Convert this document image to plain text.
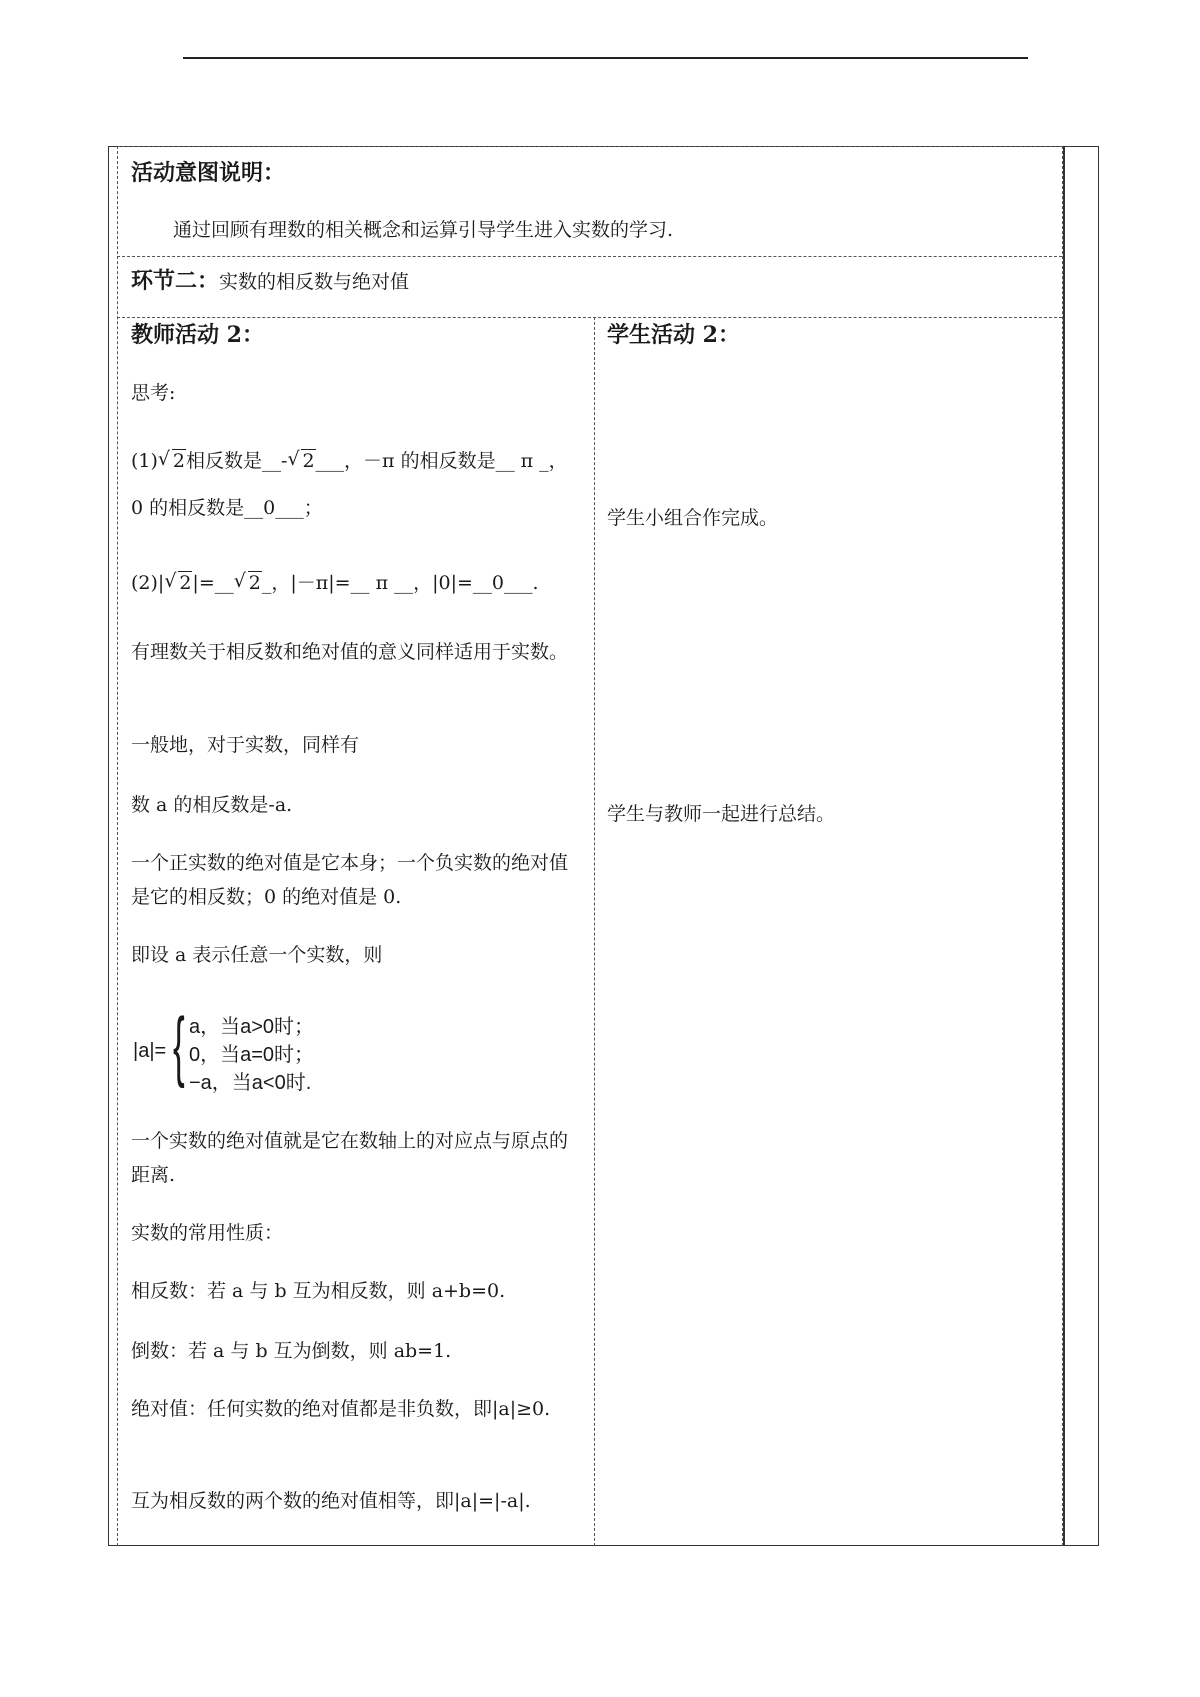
活动意图说明：
通过回顾有理数的相关概念和运算引导学生进入实数的学习.
环节二：实数的相反数与绝对值
教师活动 2：
思考:
(1) √ 2相反数是__- √ 2___，－π 的相反数是__ π _，
0 的相反数是__0___；
(2)| √ 2|=__ √ 2_，|－π|=__ π __，|0|=__0___.
有理数关于相反数和绝对值的意义同样适用于实数。
一般地，对于实数，同样有
数 a 的相反数是-a.
一个正实数的绝对值是它本身；一个负实数的绝对值是它的相反数；0 的绝对值是 0.
即设 a 表示任意一个实数，则
|a|= { a，当a>0时；
0，当a=0时；
−a，当a<0时.
一个实数的绝对值就是它在数轴上的对应点与原点的距离.
实数的常用性质：
相反数：若 a 与 b 互为相反数，则 a+b=0.
倒数：若 a 与 b 互为倒数，则 ab=1.
绝对值：任何实数的绝对值都是非负数，即|a|≥0.
互为相反数的两个数的绝对值相等，即|a|=|-a|.
学生活动 2：
学生小组合作完成。
学生与教师一起进行总结。
